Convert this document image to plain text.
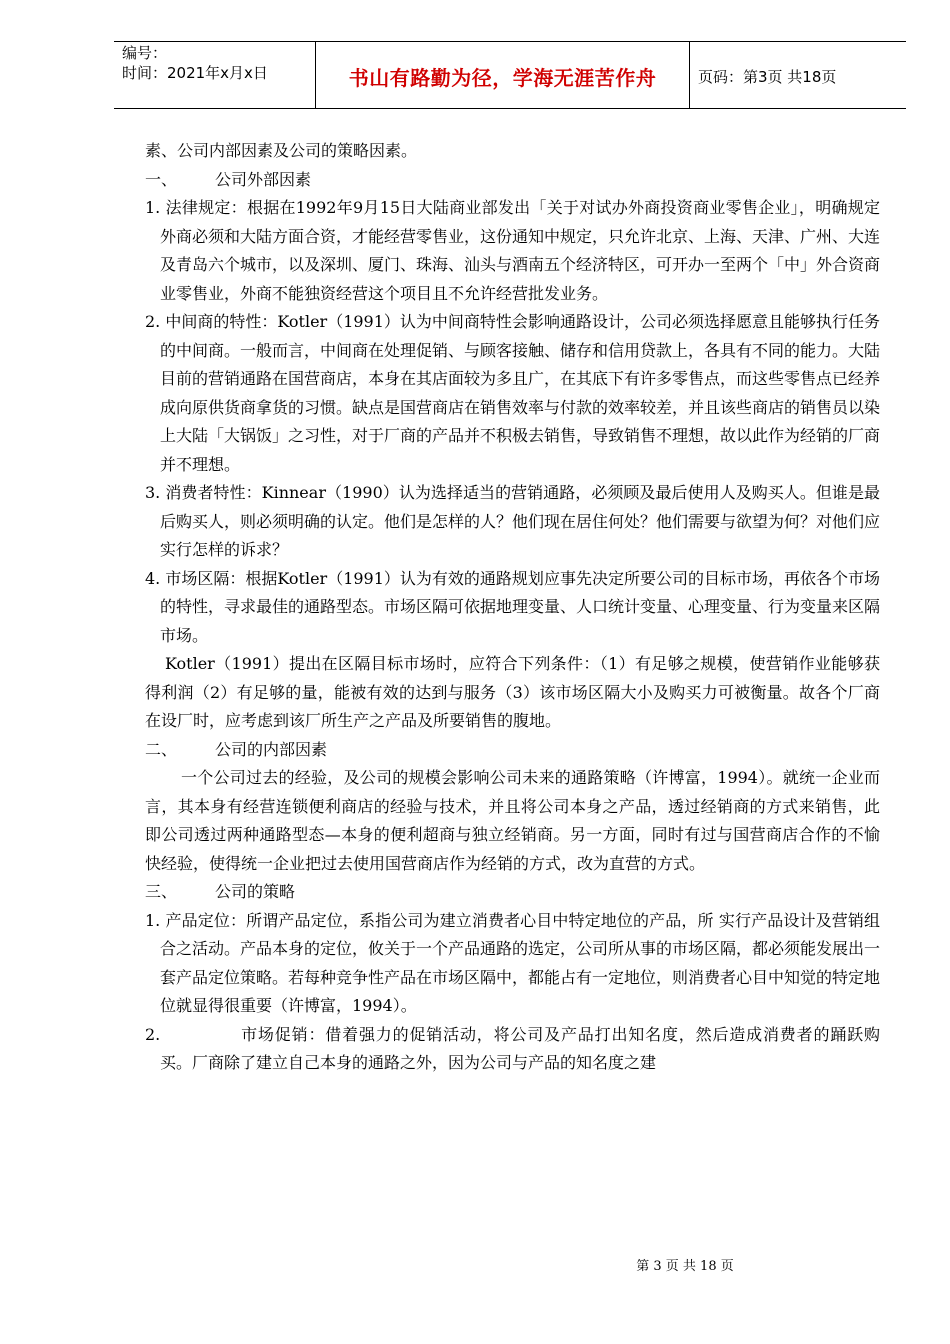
编号：
时间：2021年x月x日	书山有路勤为径，学海无涯苦作舟	页码：第3页 共18页

素、公司内部因素及公司的策略因素。

一、 公司外部因素

1. 法律规定：根据在1992年9月15日大陆商业部发出「关于对试办外商投资商业零售企业」，明确规定外商必须和大陆方面合资，才能经营零售业，这份通知中规定，只允许北京、上海、天津、广州、大连及青岛六个城市，以及深圳、厦门、珠海、汕头与酒南五个经济特区，可开办一至两个「中」外合资商业零售业，外商不能独资经营这个项目且不允许经营批发业务。

2. 中间商的特性：Kotler（1991）认为中间商特性会影响通路设计，公司必须选择愿意且能够执行任务的中间商。一般而言，中间商在处理促销、与顾客接触、储存和信用贷款上，各具有不同的能力。大陆目前的营销通路在国营商店，本身在其店面较为多且广，在其底下有许多零售点，而这些零售点已经养成向原供货商拿货的习惯。缺点是国营商店在销售效率与付款的效率较差，并且该些商店的销售员以染上大陆「大锅饭」之习性，对于厂商的产品并不积极去销售，导致销售不理想，故以此作为经销的厂商并不理想。

3. 消费者特性：Kinnear（1990）认为选择适当的营销通路，必须顾及最后使用人及购买人。但谁是最后购买人，则必须明确的认定。他们是怎样的人？他们现在居住何处？他们需要与欲望为何？对他们应实行怎样的诉求？

4. 市场区隔：根据Kotler（1991）认为有效的通路规划应事先决定所要公司的目标市场，再依各个市场的特性，寻求最佳的通路型态。市场区隔可依据地理变量、人口统计变量、心理变量、行为变量来区隔市场。

Kotler（1991）提出在区隔目标市场时，应符合下列条件：（1）有足够之规模，使营销作业能够获得利润（2）有足够的量，能被有效的达到与服务（3）该市场区隔大小及购买力可被衡量。故各个厂商在设厂时，应考虑到该厂所生产之产品及所要销售的腹地。

二、 公司的内部因素

一个公司过去的经验，及公司的规模会影响公司未来的通路策略（许博富，1994）。就统一企业而言，其本身有经营连锁便利商店的经验与技术，并且将公司本身之产品，透过经销商的方式来销售，此即公司透过两种通路型态—本身的便利超商与独立经销商。另一方面，同时有过与国营商店合作的不愉快经验，使得统一企业把过去使用国营商店作为经销的方式，改为直营的方式。

三、 公司的策略

1. 产品定位：所谓产品定位，系指公司为建立消费者心目中特定地位的产品，所 实行产品设计及营销组合之活动。产品本身的定位，攸关于一个产品通路的选定，公司所从事的市场区隔，都必须能发展出一套产品定位策略。若每种竞争性产品在市场区隔中，都能占有一定地位，则消费者心目中知觉的特定地位就显得很重要（许博富，1994）。

2.	市场促销：借着强力的促销活动，将公司及产品打出知名度，然后造成消费者的踊跃购买。厂商除了建立自己本身的通路之外，因为公司与产品的知名度之建

第 3 页 共 18 页
